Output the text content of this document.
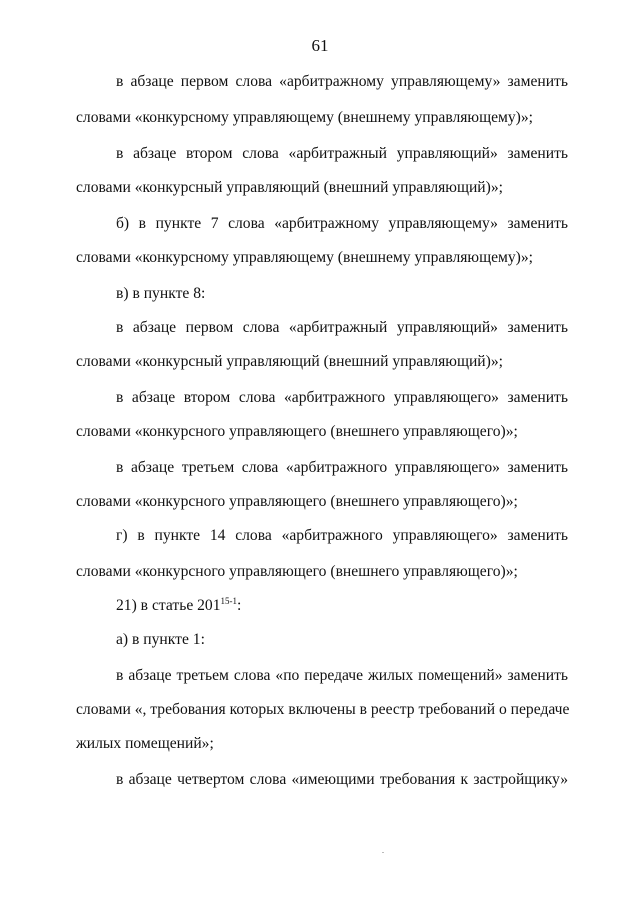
61
в абзаце первом слова «арбитражному управляющему» заменить
словами «конкурсному управляющему (внешнему управляющему)»;
в абзаце втором слова «арбитражный управляющий» заменить
словами «конкурсный управляющий (внешний управляющий)»;
б) в пункте 7 слова «арбитражному управляющему» заменить
словами «конкурсному управляющему (внешнему управляющему)»;
в) в пункте 8:
в абзаце первом слова «арбитражный управляющий» заменить
словами «конкурсный управляющий (внешний управляющий)»;
в абзаце втором слова «арбитражного управляющего» заменить
словами «конкурсного управляющего (внешнего управляющего)»;
в абзаце третьем слова «арбитражного управляющего» заменить
словами «конкурсного управляющего (внешнего управляющего)»;
г) в пункте 14 слова «арбитражного управляющего» заменить
словами «конкурсного управляющего (внешнего управляющего)»;
21) в статье 201$^{15-1}$:
а) в пункте 1:
в абзаце третьем слова «по передаче жилых помещений» заменить
словами «, требования которых включены в реестр требований о передаче
жилых помещений»;
в абзаце четвертом слова «имеющими требования к застройщику»
